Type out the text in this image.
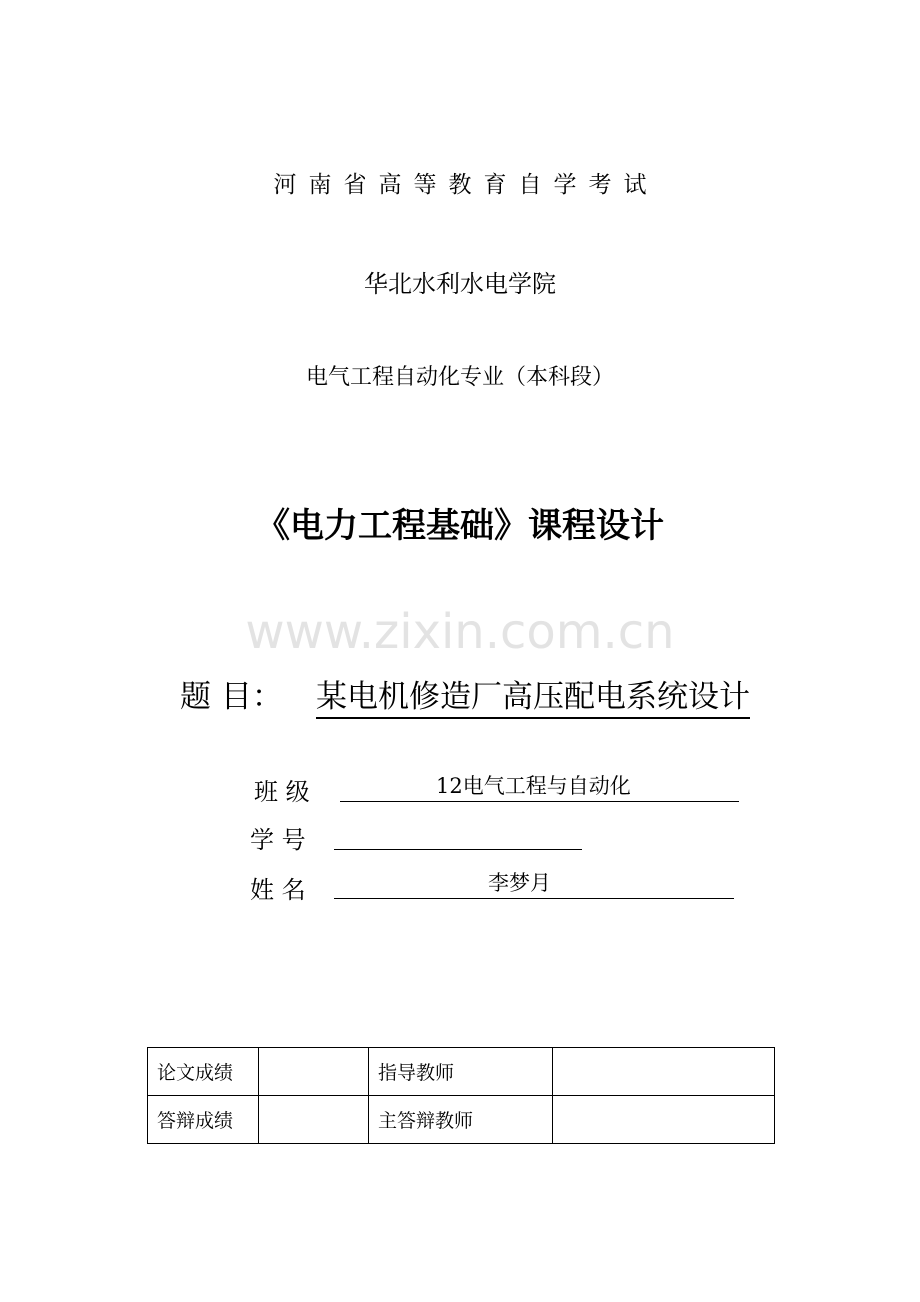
河南省高等教育自学考试
华北水利水电学院
电气工程自动化专业（本科段）
《电力工程基础》课程设计
www.zixin.com.cn
题 目： 某电机修造厂高压配电系统设计
班 级	12电气工程与自动化
学 号
姓 名	李梦月
论文成绩		指导教师	
答辩成绩		主答辩教师	
